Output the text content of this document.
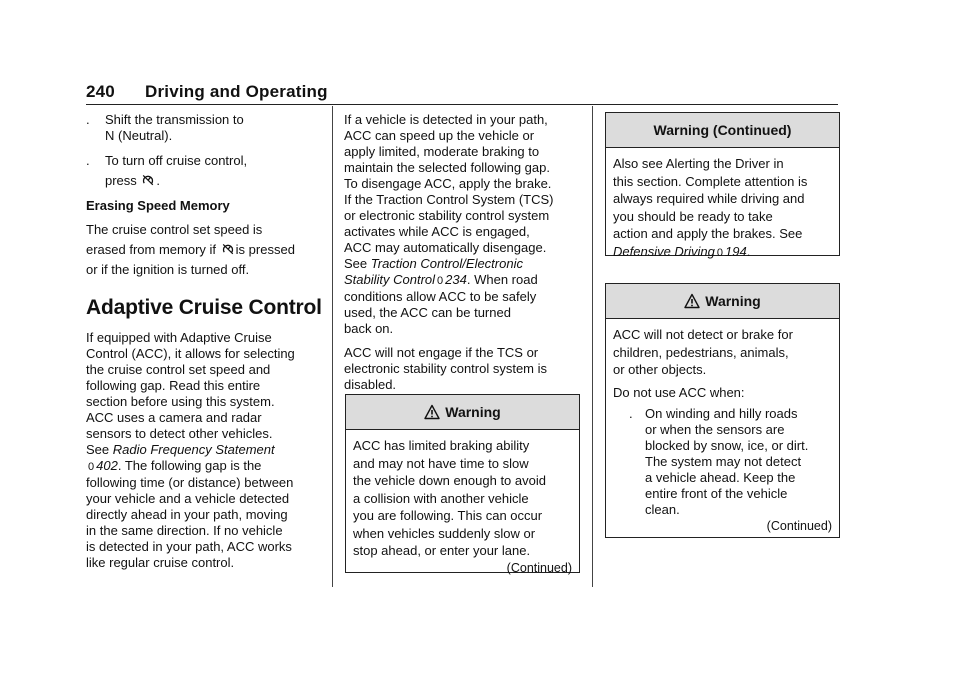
240 Driving and Operating
. Shift the transmission to

N (Neutral).

. To turn off cruise control,

press .

Erasing Speed Memory

The cruise control set speed is

erased from memory if is pressed

or if the ignition is turned off.

Adaptive Cruise Control

If equipped with Adaptive Cruise

Control (ACC), it allows for selecting

the cruise control set speed and

following gap. Read this entire

section before using this system.

ACC uses a camera and radar

sensors to detect other vehicles.

See Radio Frequency Statement

0 402. The following gap is the

following time (or distance) between

your vehicle and a vehicle detected

directly ahead in your path, moving

in the same direction. If no vehicle

is detected in your path, ACC works

like regular cruise control.

If a vehicle is detected in your path,

ACC can speed up the vehicle or

apply limited, moderate braking to

maintain the selected following gap.

To disengage ACC, apply the brake.

If the Traction Control System (TCS)

or electronic stability control system

activates while ACC is engaged,

ACC may automatically disengage.

See Traction Control/Electronic

Stability Control 0 234. When road

conditions allow ACC to be safely

used, the ACC can be turned

back on.

ACC will not engage if the TCS or

electronic stability control system is

disabled.

Warning

ACC has limited braking ability

and may not have time to slow

the vehicle down enough to avoid

a collision with another vehicle

you are following. This can occur

when vehicles suddenly slow or

stop ahead, or enter your lane.

(Continued)

Warning (Continued)

Also see Alerting the Driver in

this section. Complete attention is

always required while driving and

you should be ready to take

action and apply the brakes. See

Defensive Driving 0 194.

Warning

ACC will not detect or brake for

children, pedestrians, animals,

or other objects.

Do not use ACC when:

. On winding and hilly roads

or when the sensors are

blocked by snow, ice, or dirt.

The system may not detect

a vehicle ahead. Keep the

entire front of the vehicle

clean.

(Continued)
